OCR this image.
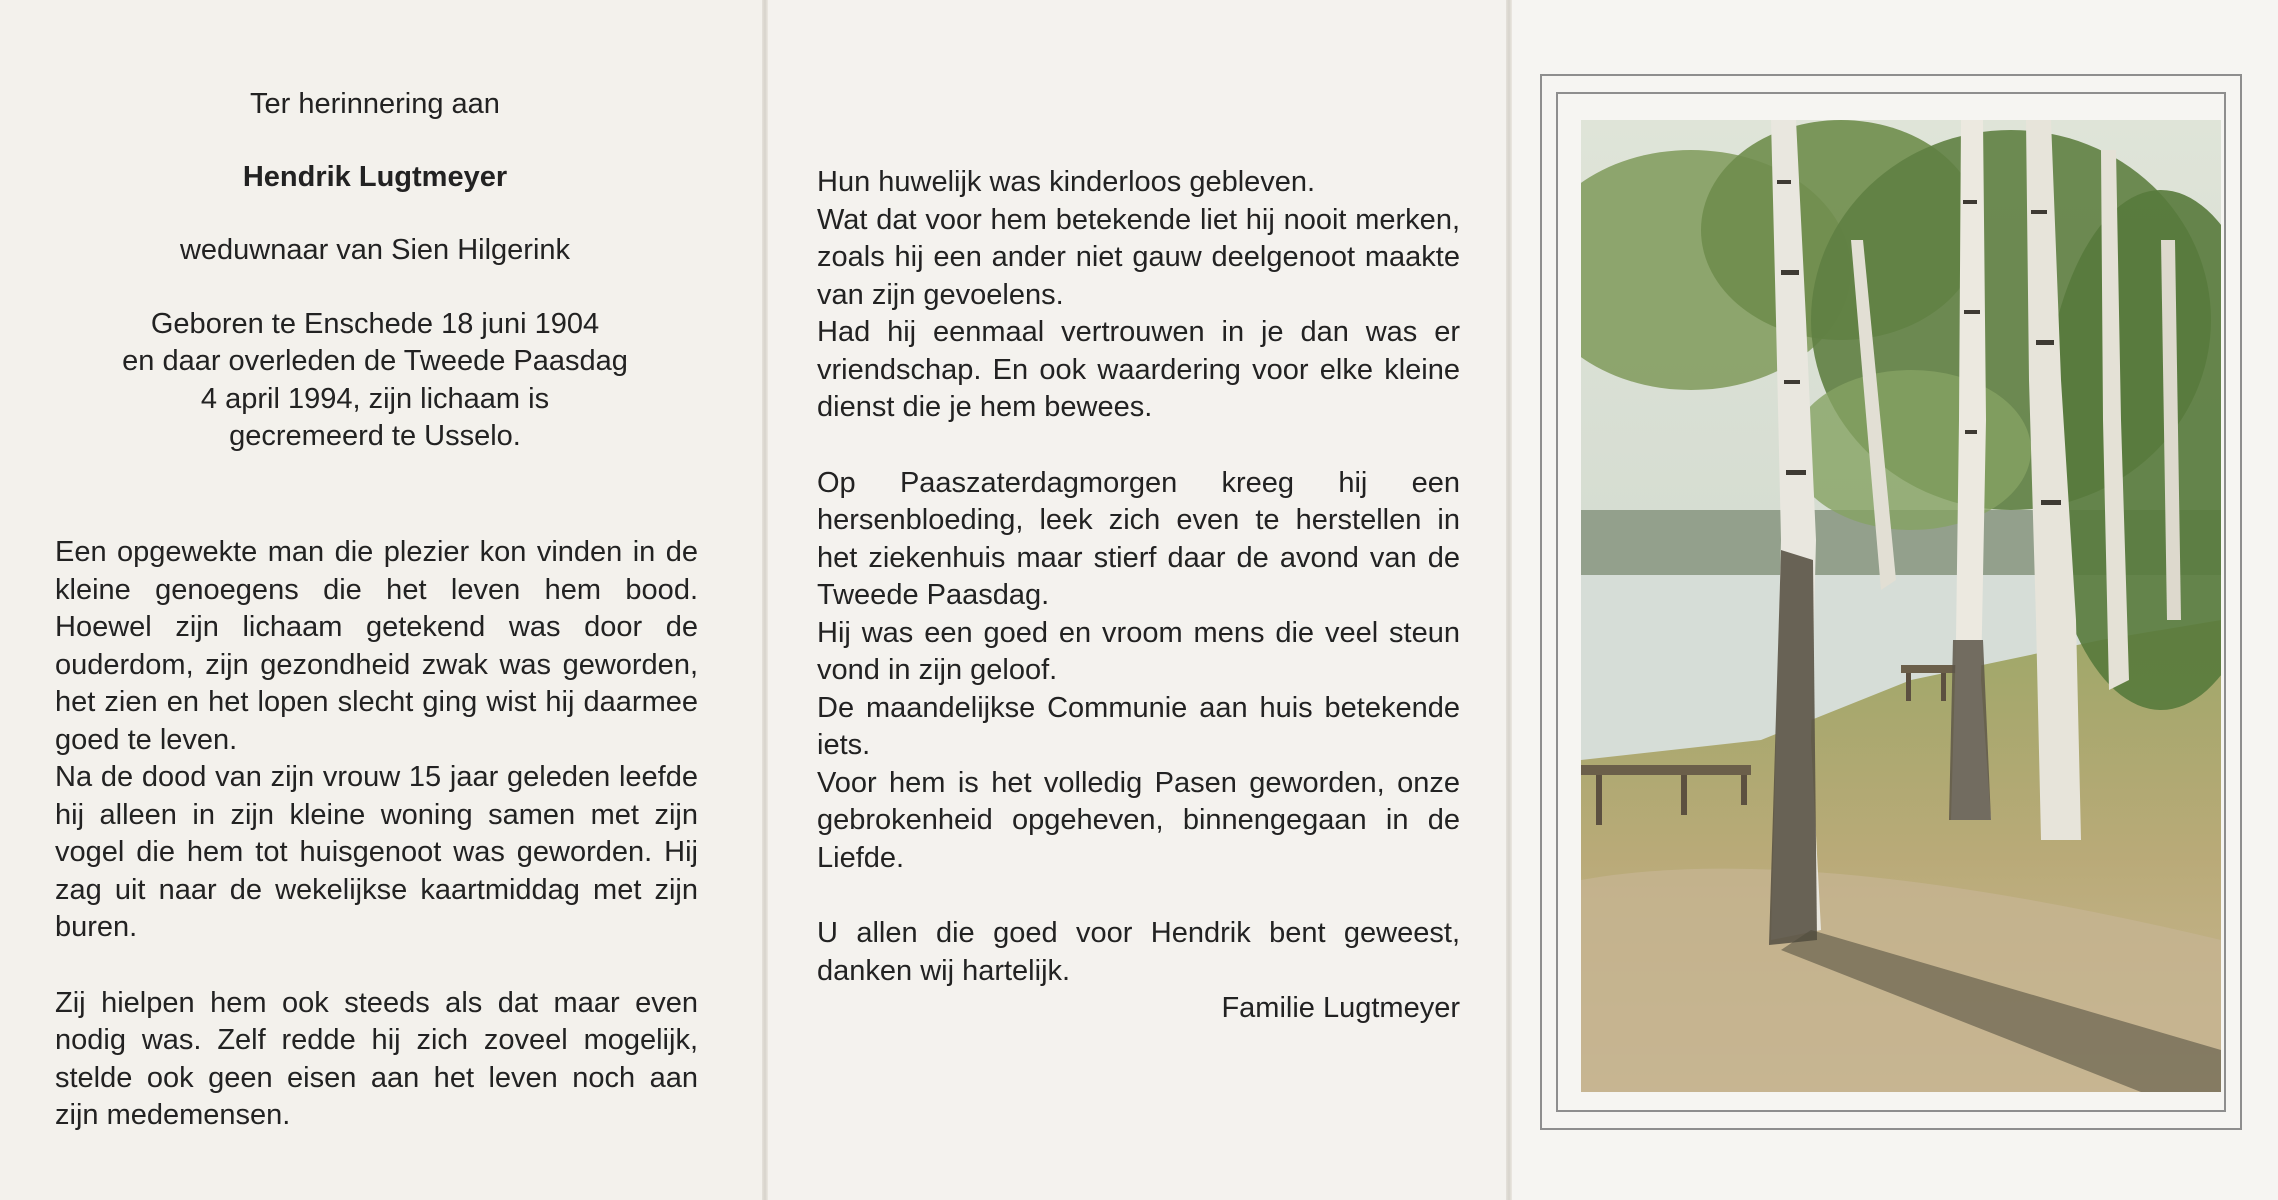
Ter herinnering aan

Hendrik Lugtmeyer

weduwnaar van Sien Hilgerink

Geboren te Enschede 18 juni 1904

en daar overleden de Tweede Paasdag

4 april 1994, zijn lichaam is

gecremeerd te Usselo.

Een opgewekte man die plezier kon vinden in de kleine genoegens die het leven hem bood. Hoewel zijn lichaam getekend was door de ouderdom, zijn gezondheid zwak was geworden, het zien en het lopen slecht ging wist hij daarmee goed te leven.

Na de dood van zijn vrouw 15 jaar geleden leefde hij alleen in zijn kleine woning samen met zijn vogel die hem tot huisgenoot was geworden. Hij zag uit naar de wekelijkse kaartmiddag met zijn buren.

Zij hielpen hem ook steeds als dat maar even nodig was. Zelf redde hij zich zoveel mogelijk, stelde ook geen eisen aan het leven noch aan zijn medemensen.

Hun huwelijk was kinderloos gebleven.

Wat dat voor hem betekende liet hij nooit merken, zoals hij een ander niet gauw deelgenoot maakte van zijn gevoelens.

Had hij eenmaal vertrouwen in je dan was er vriendschap. En ook waardering voor elke kleine dienst die je hem bewees.

Op Paaszaterdagmorgen kreeg hij een hersenbloeding, leek zich even te herstellen in het ziekenhuis maar stierf daar de avond van de Tweede Paasdag.

Hij was een goed en vroom mens die veel steun vond in zijn geloof.

De maandelijkse Communie aan huis betekende iets.

Voor hem is het volledig Pasen geworden, onze gebrokenheid opgeheven, binnengegaan in de Liefde.

U allen die goed voor Hendrik bent geweest, danken wij hartelijk.

Familie Lugtmeyer
